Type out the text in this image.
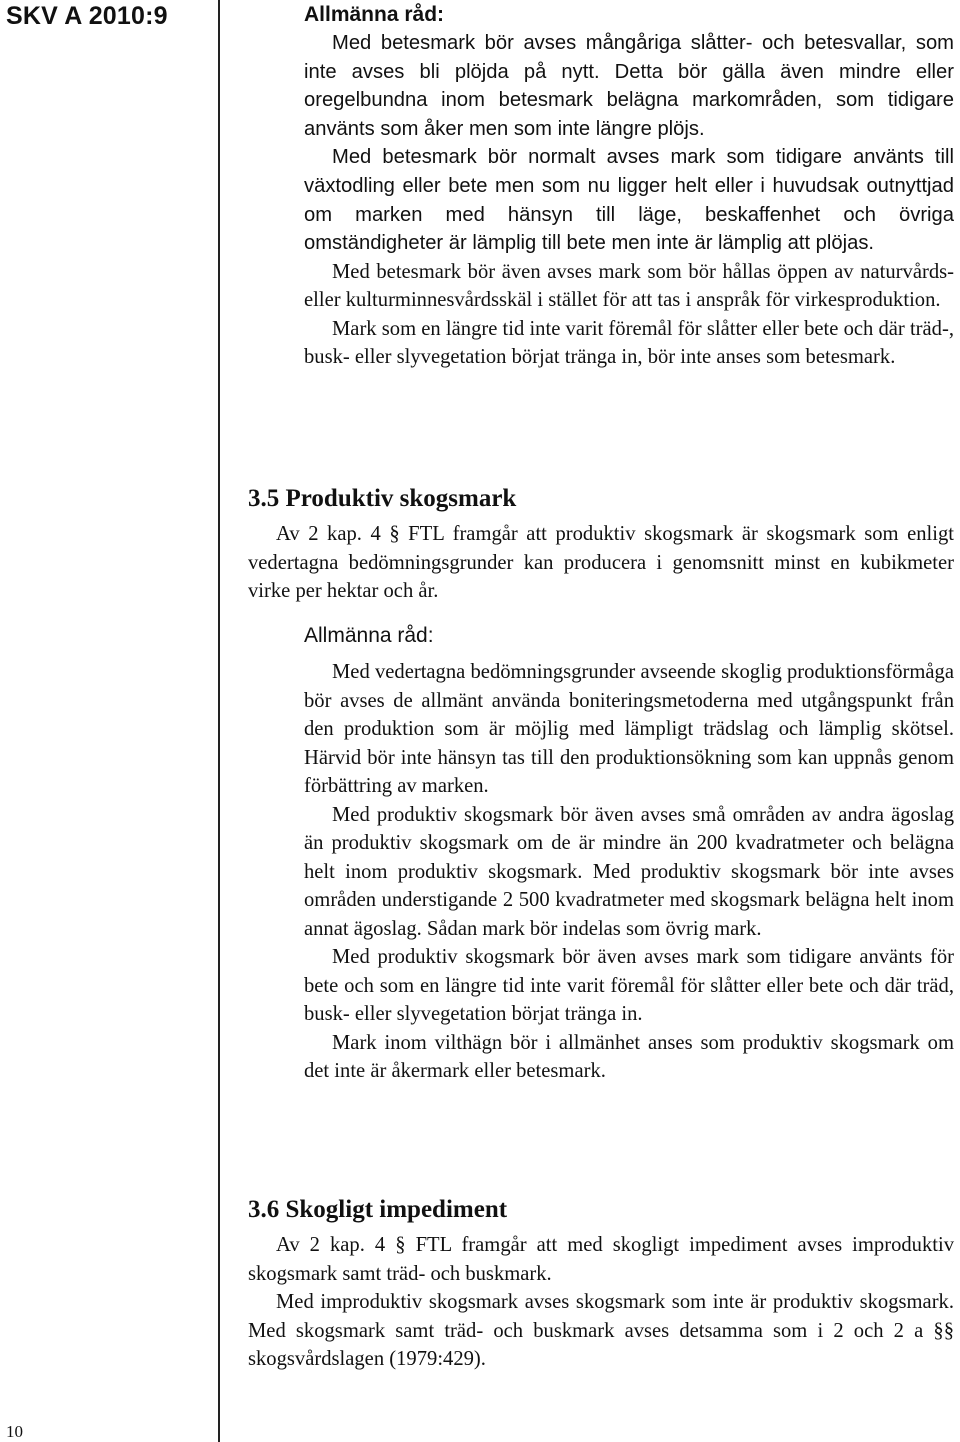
SKV A 2010:9
10

Allmänna råd:

Med betesmark bör avses mångåriga slåtter- och betesvallar, som inte avses bli plöjda på nytt. Detta bör gälla även mindre eller oregelbundna inom betesmark belägna markområden, som tidigare använts som åker men som inte längre plöjs.

Med betesmark bör normalt avses mark som tidigare använts till växtodling eller bete men som nu ligger helt eller i huvudsak outnyttjad om marken med hänsyn till läge, beskaffenhet och övriga omständigheter är lämplig till bete men inte är lämplig att plöjas.

Med betesmark bör även avses mark som bör hållas öppen av naturvårds- eller kulturminnesvårdsskäl i stället för att tas i anspråk för virkesproduktion.

Mark som en längre tid inte varit föremål för slåtter eller bete och där träd-, busk- eller slyvegetation börjat tränga in, bör inte anses som betesmark.

3.5 Produktiv skogsmark

Av 2 kap. 4 § FTL framgår att produktiv skogsmark är skogsmark som enligt vedertagna bedömningsgrunder kan producera i genomsnitt minst en kubikmeter virke per hektar och år.

Allmänna råd:

Med vedertagna bedömningsgrunder avseende skoglig produktionsförmåga bör avses de allmänt använda boniteringsmetoderna med utgångspunkt från den produktion som är möjlig med lämpligt trädslag och lämplig skötsel. Härvid bör inte hänsyn tas till den produktionsökning som kan uppnås genom förbättring av marken.

Med produktiv skogsmark bör även avses små områden av andra ägoslag än produktiv skogsmark om de är mindre än 200 kvadratmeter och belägna helt inom produktiv skogsmark. Med produktiv skogsmark bör inte avses områden understigande 2 500 kvadratmeter med skogsmark belägna helt inom annat ägoslag. Sådan mark bör indelas som övrig mark.

Med produktiv skogsmark bör även avses mark som tidigare använts för bete och som en längre tid inte varit föremål för slåtter eller bete och där träd, busk- eller slyvegetation börjat tränga in.

Mark inom vilthägn bör i allmänhet anses som produktiv skogsmark om det inte är åkermark eller betesmark.

3.6 Skogligt impediment

Av 2 kap. 4 § FTL framgår att med skogligt impediment avses improduktiv skogsmark samt träd- och buskmark.

Med improduktiv skogsmark avses skogsmark som inte är produktiv skogsmark. Med skogsmark samt träd- och buskmark avses detsamma som i 2 och 2 a §§ skogsvårdslagen (1979:429).
